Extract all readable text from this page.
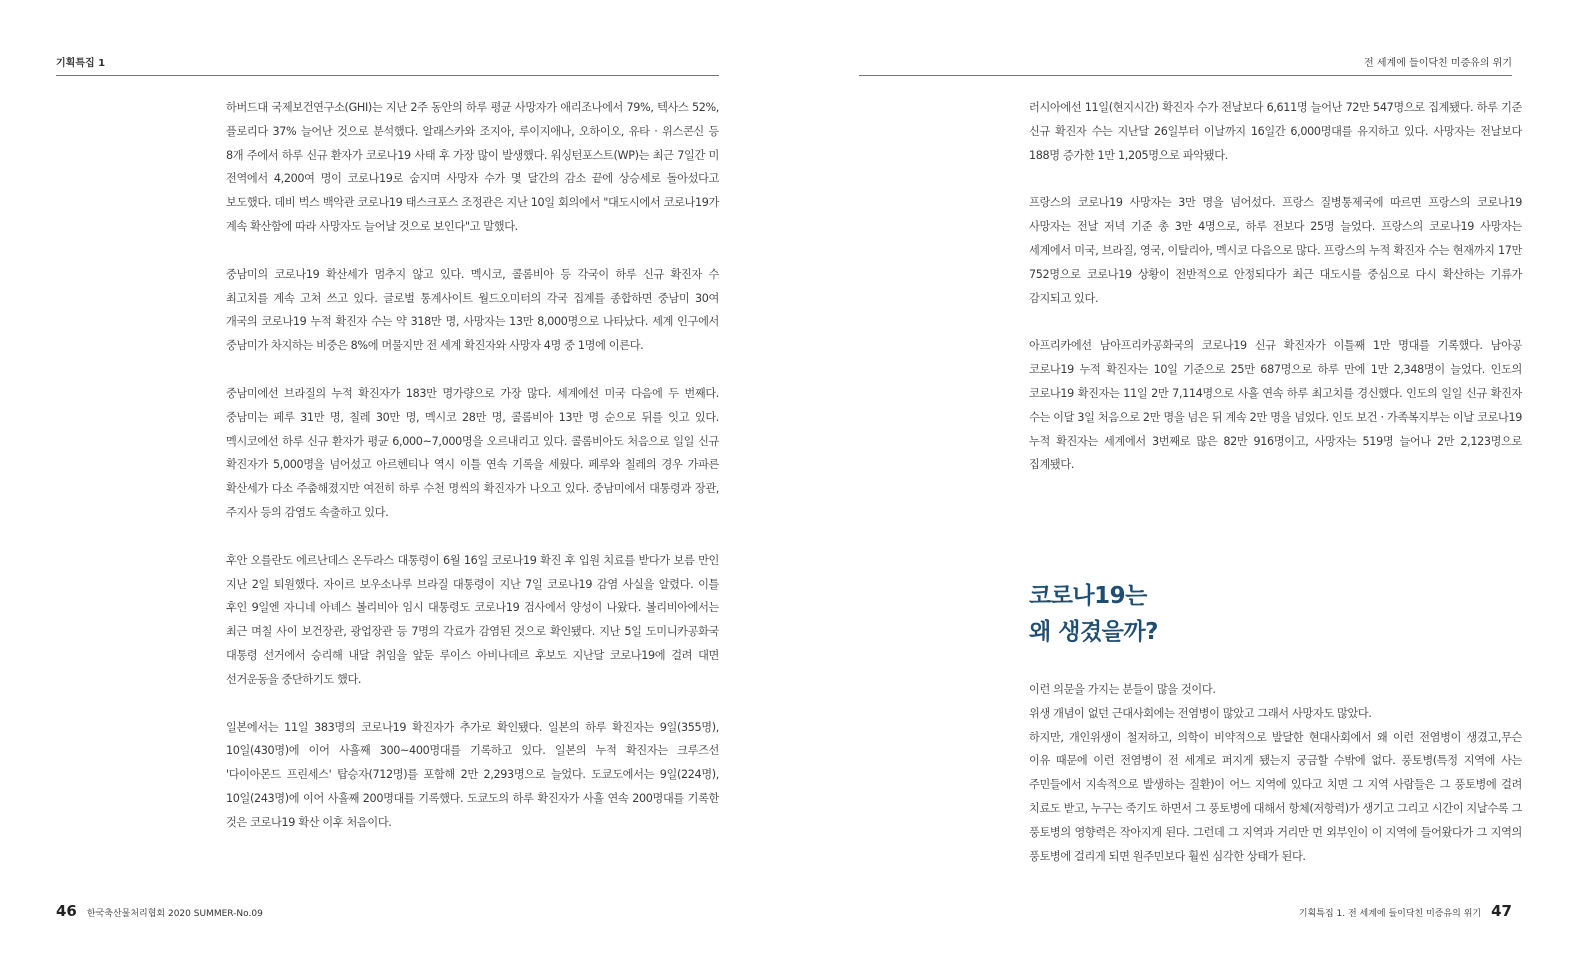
기획특집 1

하버드대 국제보건연구소(GHI)는 지난 2주 동안의 하루 평균 사망자가 애리조나에서 79%, 텍사스 52%, 플로리다 37% 늘어난 것으로 분석했다. 알래스카와 조지아, 루이지애나, 오하이오, 유타 · 위스콘신 등 8개 주에서 하루 신규 환자가 코로나19 사태 후 가장 많이 발생했다. 워싱턴포스트(WP)는 최근 7일간 미 전역에서 4,200여 명이 코로나19로 숨지며 사망자 수가 몇 달간의 감소 끝에 상승세로 돌아섰다고 보도했다. 데비 벅스 백악관 코로나19 태스크포스 조정관은 지난 10일 회의에서 "대도시에서 코로나19가 계속 확산함에 따라 사망자도 늘어날 것으로 보인다"고 말했다.

중남미의 코로나19 확산세가 멈추지 않고 있다. 멕시코, 콜롬비아 등 각국이 하루 신규 확진자 수 최고치를 계속 고쳐 쓰고 있다. 글로벌 통계사이트 월드오미터의 각국 집계를 종합하면 중남미 30여 개국의 코로나19 누적 확진자 수는 약 318만 명, 사망자는 13만 8,000명으로 나타났다. 세계 인구에서 중남미가 차지하는 비중은 8%에 머물지만 전 세계 확진자와 사망자 4명 중 1명에 이른다.

중남미에선 브라질의 누적 확진자가 183만 명가량으로 가장 많다. 세계에선 미국 다음에 두 번째다. 중남미는 페루 31만 명, 칠레 30만 명, 멕시코 28만 명, 콜롬비아 13만 명 순으로 뒤를 잇고 있다. 멕시코에선 하루 신규 환자가 평균 6,000~7,000명을 오르내리고 있다. 콜롬비아도 처음으로 일일 신규 확진자가 5,000명을 넘어섰고 아르헨티나 역시 이틀 연속 기록을 세웠다. 페루와 칠레의 경우 가파른 확산세가 다소 주춤해졌지만 여전히 하루 수천 명씩의 확진자가 나오고 있다. 중남미에서 대통령과 장관, 주지사 등의 감염도 속출하고 있다.

후안 오를란도 에르난데스 온두라스 대통령이 6월 16일 코로나19 확진 후 입원 치료를 받다가 보름 만인 지난 2일 퇴원했다. 자이르 보우소나루 브라질 대통령이 지난 7일 코로나19 감염 사실을 알렸다. 이틀 후인 9일엔 자니네 아녜스 볼리비아 임시 대통령도 코로나19 검사에서 양성이 나왔다. 볼리비아에서는 최근 며칠 사이 보건장관, 광업장관 등 7명의 각료가 감염된 것으로 확인됐다. 지난 5일 도미니카공화국 대통령 선거에서 승리해 내달 취임을 앞둔 루이스 아비나데르 후보도 지난달 코로나19에 걸려 대면 선거운동을 중단하기도 했다.

일본에서는 11일 383명의 코로나19 확진자가 추가로 확인됐다. 일본의 하루 확진자는 9일(355명), 10일(430명)에 이어 사흘째 300~400명대를 기록하고 있다. 일본의 누적 확진자는 크루즈선 '다이아몬드 프린세스' 탑승자(712명)를 포함해 2만 2,293명으로 늘었다. 도쿄도에서는 9일(224명), 10일(243명)에 이어 사흘째 200명대를 기록했다. 도쿄도의 하루 확진자가 사흘 연속 200명대를 기록한 것은 코로나19 확산 이후 처음이다.

46 한국축산물처리협회 2020 SUMMER-No.09
전 세계에 들이닥친 미증유의 위기

러시아에선 11일(현지시간) 확진자 수가 전날보다 6,611명 늘어난 72만 547명으로 집계됐다. 하루 기준 신규 확진자 수는 지난달 26일부터 이날까지 16일간 6,000명대를 유지하고 있다. 사망자는 전날보다 188명 증가한 1만 1,205명으로 파악됐다.

프랑스의 코로나19 사망자는 3만 명을 넘어섰다. 프랑스 질병통제국에 따르면 프랑스의 코로나19 사망자는 전날 저녁 기준 총 3만 4명으로, 하루 전보다 25명 늘었다. 프랑스의 코로나19 사망자는 세계에서 미국, 브라질, 영국, 이탈리아, 멕시코 다음으로 많다. 프랑스의 누적 확진자 수는 현재까지 17만 752명으로 코로나19 상황이 전반적으로 안정되다가 최근 대도시를 중심으로 다시 확산하는 기류가 감지되고 있다.

아프리카에선 남아프리카공화국의 코로나19 신규 확진자가 이틀째 1만 명대를 기록했다. 남아공 코로나19 누적 확진자는 10일 기준으로 25만 687명으로 하루 만에 1만 2,348명이 늘었다. 인도의 코로나19 확진자는 11일 2만 7,114명으로 사흘 연속 하루 최고치를 경신했다. 인도의 일일 신규 확진자 수는 이달 3일 처음으로 2만 명을 넘은 뒤 계속 2만 명을 넘었다. 인도 보건 · 가족복지부는 이날 코로나19 누적 확진자는 세계에서 3번째로 많은 82만 916명이고, 사망자는 519명 늘어나 2만 2,123명으로 집계됐다.

코로나19는
왜 생겼을까?

이런 의문을 가지는 분들이 많을 것이다.

위생 개념이 없던 근대사회에는 전염병이 많았고 그래서 사망자도 많았다.

하지만, 개인위생이 철저하고, 의학이 비약적으로 발달한 현대사회에서 왜 이런 전염병이 생겼고,무슨 이유 때문에 이런 전염병이 전 세계로 퍼지게 됐는지 궁금할 수밖에 없다. 풍토병(특정 지역에 사는 주민들에서 지속적으로 발생하는 질환)이 어느 지역에 있다고 치면 그 지역 사람들은 그 풍토병에 걸려 치료도 받고, 누구는 죽기도 하면서 그 풍토병에 대해서 항체(저항력)가 생기고 그리고 시간이 지날수록 그 풍토병의 영향력은 작아지게 된다. 그런데 그 지역과 거리만 먼 외부인이 이 지역에 들어왔다가 그 지역의 풍토병에 걸리게 되면 원주민보다 훨씬 심각한 상태가 된다.

기획특집 1. 전 세계에 들이닥친 미증유의 위기 47
